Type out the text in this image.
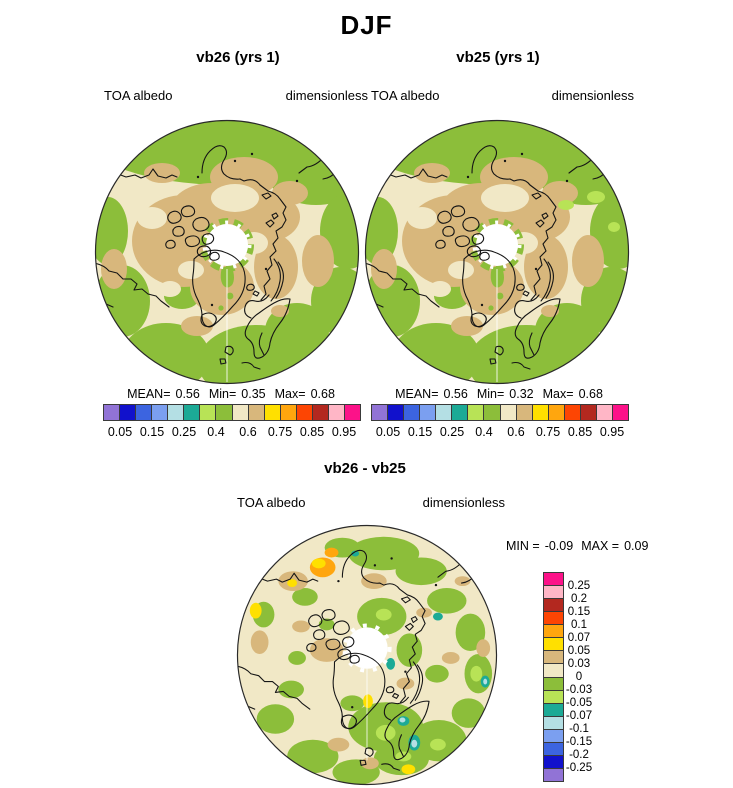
DJF
vb26 (yrs 1)	vb25 (yrs 1)
TOA albedo	dimensionless TOA albedo	dimensionless
MEAN= 0.56 Min= 0.35 Max= 0.68	MEAN= 0.56 Min= 0.32 Max= 0.68
0.05 0.15 0.25 0.4 0.6 0.75 0.85 0.95 0.05 0.15 0.25 0.4 0.6 0.75 0.85 0.95
vb26 - vb25
TOA albedo	dimensionless
MIN = -0.09 MAX = 0.09
0.25
0.2
0.15
0.1
0.07
0.05
0.03
0
-0.03
-0.05
-0.07
-0.1
-0.15
-0.2
-0.25
